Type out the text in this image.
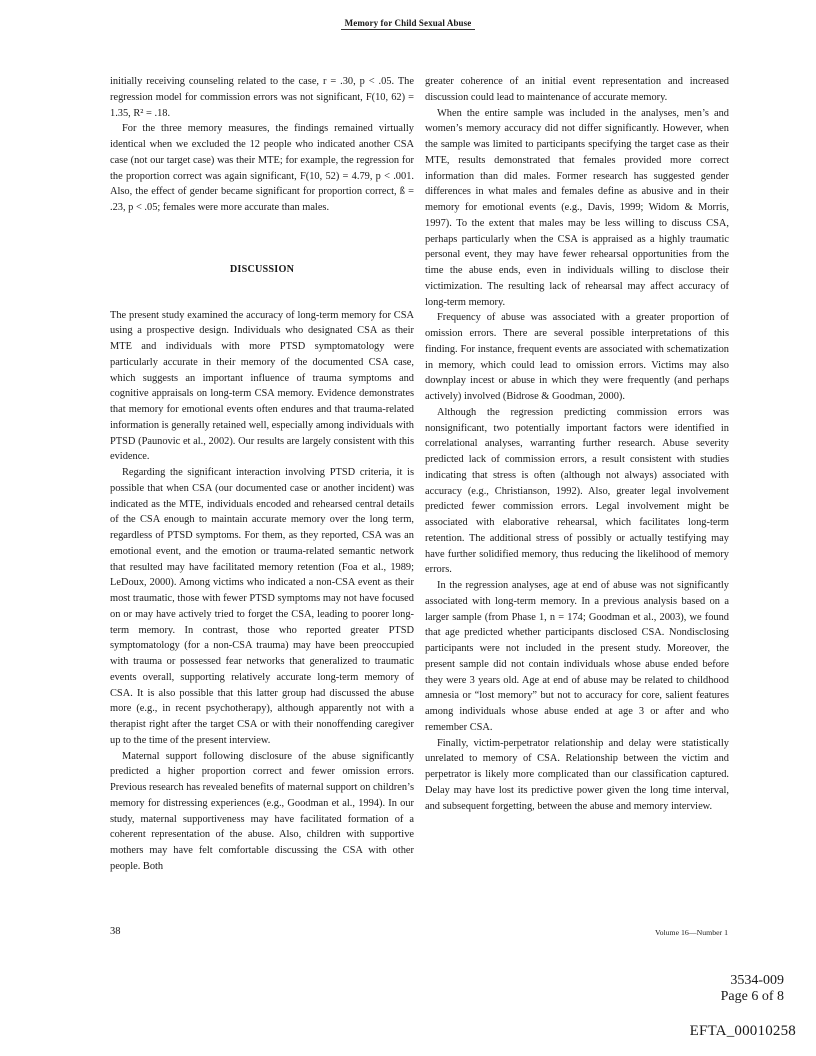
Memory for Child Sexual Abuse

initially receiving counseling related to the case, r = .30, p < .05. The regression model for commission errors was not significant, F(10, 62) = 1.35, R² = .18.

For the three memory measures, the findings remained virtually identical when we excluded the 12 people who indicated another CSA case (not our target case) was their MTE; for example, the regression for the proportion correct was again significant, F(10, 52) = 4.79, p < .001. Also, the effect of gender became significant for proportion correct, ß = .23, p < .05; females were more accurate than males.

DISCUSSION

The present study examined the accuracy of long-term memory for CSA using a prospective design. Individuals who designated CSA as their MTE and individuals with more PTSD symptomatology were particularly accurate in their memory of the documented CSA case, which suggests an important influence of trauma symptoms and cognitive appraisals on long-term CSA memory. Evidence demonstrates that memory for emotional events often endures and that trauma-related information is generally retained well, especially among individuals with PTSD (Paunovic et al., 2002). Our results are largely consistent with this evidence.

Regarding the significant interaction involving PTSD criteria, it is possible that when CSA (our documented case or another incident) was indicated as the MTE, individuals encoded and rehearsed central details of the CSA enough to maintain accurate memory over the long term, regardless of PTSD symptoms. For them, as they reported, CSA was an emotional event, and the emotion or trauma-related semantic network that resulted may have facilitated memory retention (Foa et al., 1989; LeDoux, 2000). Among victims who indicated a non-CSA event as their most traumatic, those with fewer PTSD symptoms may not have focused on or may have actively tried to forget the CSA, leading to poorer long-term memory. In contrast, those who reported greater PTSD symptomatology (for a non-CSA trauma) may have been preoccupied with trauma or possessed fear networks that generalized to traumatic events overall, supporting relatively accurate long-term memory of CSA. It is also possible that this latter group had discussed the abuse more (e.g., in recent psychotherapy), although apparently not with a therapist right after the target CSA or with their nonoffending caregiver up to the time of the present interview.

Maternal support following disclosure of the abuse significantly predicted a higher proportion correct and fewer omission errors. Previous research has revealed benefits of maternal support on children’s memory for distressing experiences (e.g., Goodman et al., 1994). In our study, maternal supportiveness may have facilitated formation of a coherent representation of the abuse. Also, children with supportive mothers may have felt comfortable discussing the CSA with other people. Both

greater coherence of an initial event representation and increased discussion could lead to maintenance of accurate memory.

When the entire sample was included in the analyses, men’s and women’s memory accuracy did not differ significantly. However, when the sample was limited to participants specifying the target case as their MTE, results demonstrated that females provided more correct information than did males. Former research has suggested gender differences in what males and females define as abusive and in their memory for emotional events (e.g., Davis, 1999; Widom & Morris, 1997). To the extent that males may be less willing to discuss CSA, perhaps particularly when the CSA is appraised as a highly traumatic personal event, they may have fewer rehearsal opportunities from the time the abuse ends, even in individuals willing to disclose their victimization. The resulting lack of rehearsal may affect accuracy of long-term memory.

Frequency of abuse was associated with a greater proportion of omission errors. There are several possible interpretations of this finding. For instance, frequent events are associated with schematization in memory, which could lead to omission errors. Victims may also downplay incest or abuse in which they were frequently (and perhaps actively) involved (Bidrose & Goodman, 2000).

Although the regression predicting commission errors was nonsignificant, two potentially important factors were identified in correlational analyses, warranting further research. Abuse severity predicted lack of commission errors, a result consistent with studies indicating that stress is often (although not always) associated with accuracy (e.g., Christianson, 1992). Also, greater legal involvement predicted fewer commission errors. Legal involvement might be associated with elaborative rehearsal, which facilitates long-term retention. The additional stress of possibly or actually testifying may have further solidified memory, thus reducing the likelihood of memory errors.

In the regression analyses, age at end of abuse was not significantly associated with long-term memory. In a previous analysis based on a larger sample (from Phase 1, n = 174; Goodman et al., 2003), we found that age predicted whether participants disclosed CSA. Nondisclosing participants were not included in the present study. Moreover, the present sample did not contain individuals whose abuse ended before they were 3 years old. Age at end of abuse may be related to childhood amnesia or “lost memory” but not to accuracy for core, salient features among individuals whose abuse ended at age 3 or after and who remember CSA.

Finally, victim-perpetrator relationship and delay were statistically unrelated to memory of CSA. Relationship between the victim and perpetrator is likely more complicated than our classification captured. Delay may have lost its predictive power given the long time interval, and subsequent forgetting, between the abuse and memory interview.

38	Volume 16—Number 1
3534-009
Page 6 of 8
EFTA_00010258
